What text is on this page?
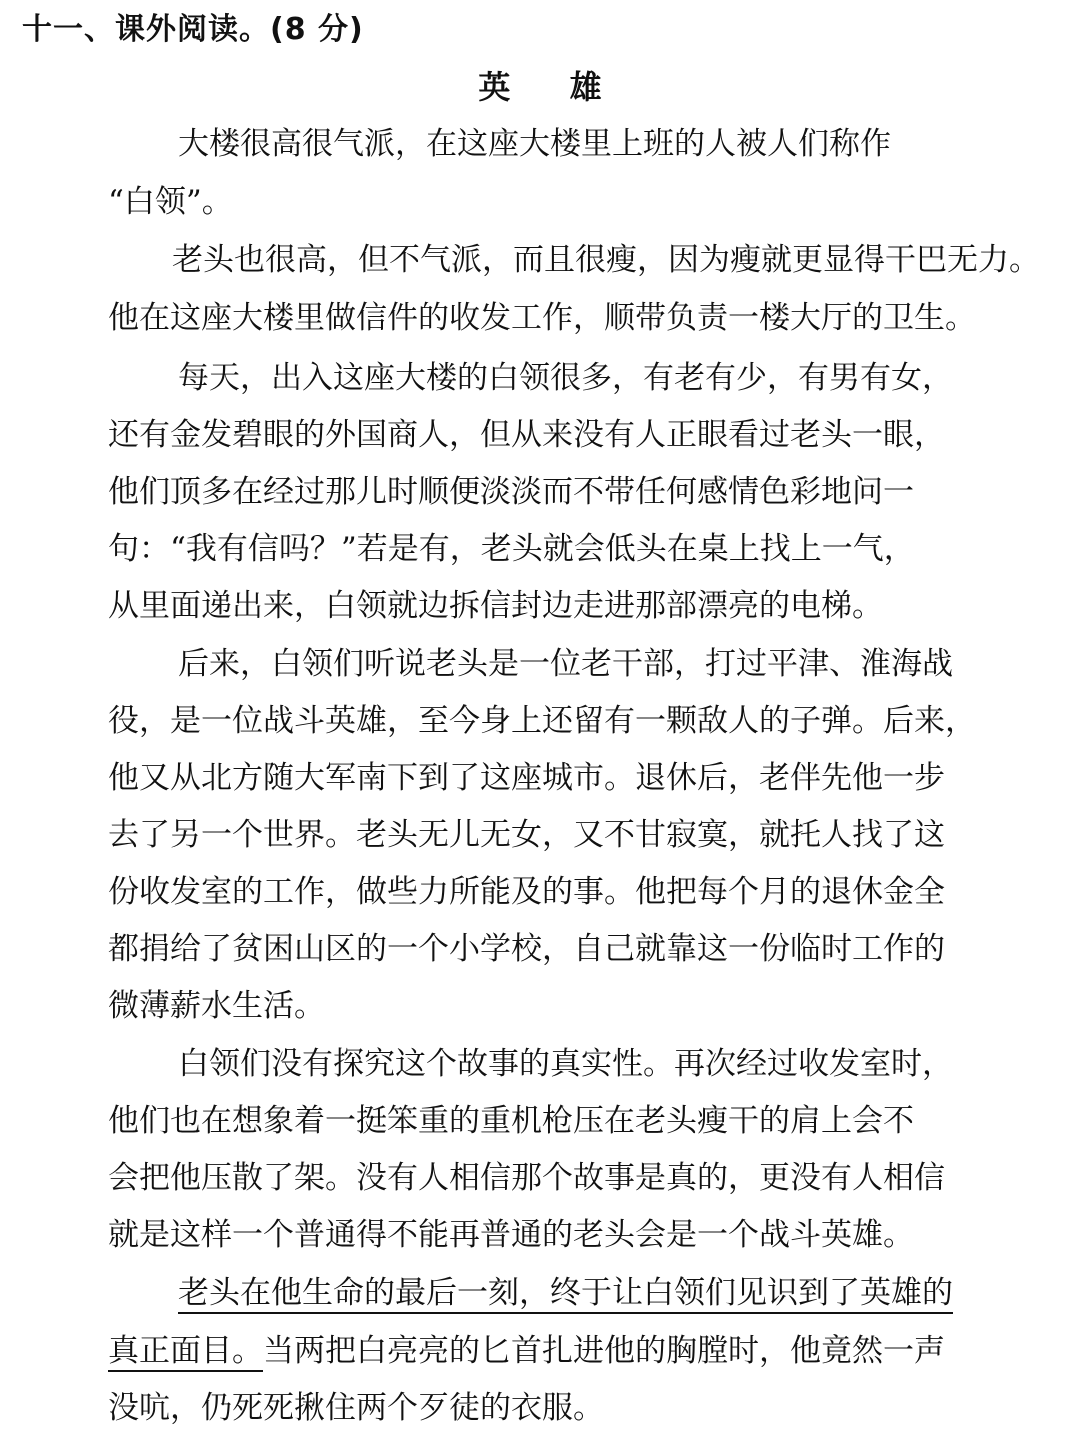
十一、课外阅读。(8 分)
英 雄
大楼很高很气派，在这座大楼里上班的人被人们称作
“白领”。
老头也很高，但不气派，而且很瘦，因为瘦就更显得干巴无力。
他在这座大楼里做信件的收发工作，顺带负责一楼大厅的卫生。
每天，出入这座大楼的白领很多，有老有少，有男有女，
还有金发碧眼的外国商人，但从来没有人正眼看过老头一眼，
他们顶多在经过那儿时顺便淡淡而不带任何感情色彩地问一
句：“我有信吗？”若是有，老头就会低头在桌上找上一气，
从里面递出来，白领就边拆信封边走进那部漂亮的电梯。
后来，白领们听说老头是一位老干部，打过平津、淮海战
役，是一位战斗英雄，至今身上还留有一颗敌人的子弹。后来，
他又从北方随大军南下到了这座城市。退休后，老伴先他一步
去了另一个世界。老头无儿无女，又不甘寂寞，就托人找了这
份收发室的工作，做些力所能及的事。他把每个月的退休金全
都捐给了贫困山区的一个小学校，自己就靠这一份临时工作的
微薄薪水生活。
白领们没有探究这个故事的真实性。再次经过收发室时，
他们也在想象着一挺笨重的重机枪压在老头瘦干的肩上会不
会把他压散了架。没有人相信那个故事是真的，更没有人相信
就是这样一个普通得不能再普通的老头会是一个战斗英雄。
老头在他生命的最后一刻，终于让白领们见识到了英雄的
真正面目。当两把白亮亮的匕首扎进他的胸膛时，他竟然一声
没吭，仍死死揪住两个歹徒的衣服。
